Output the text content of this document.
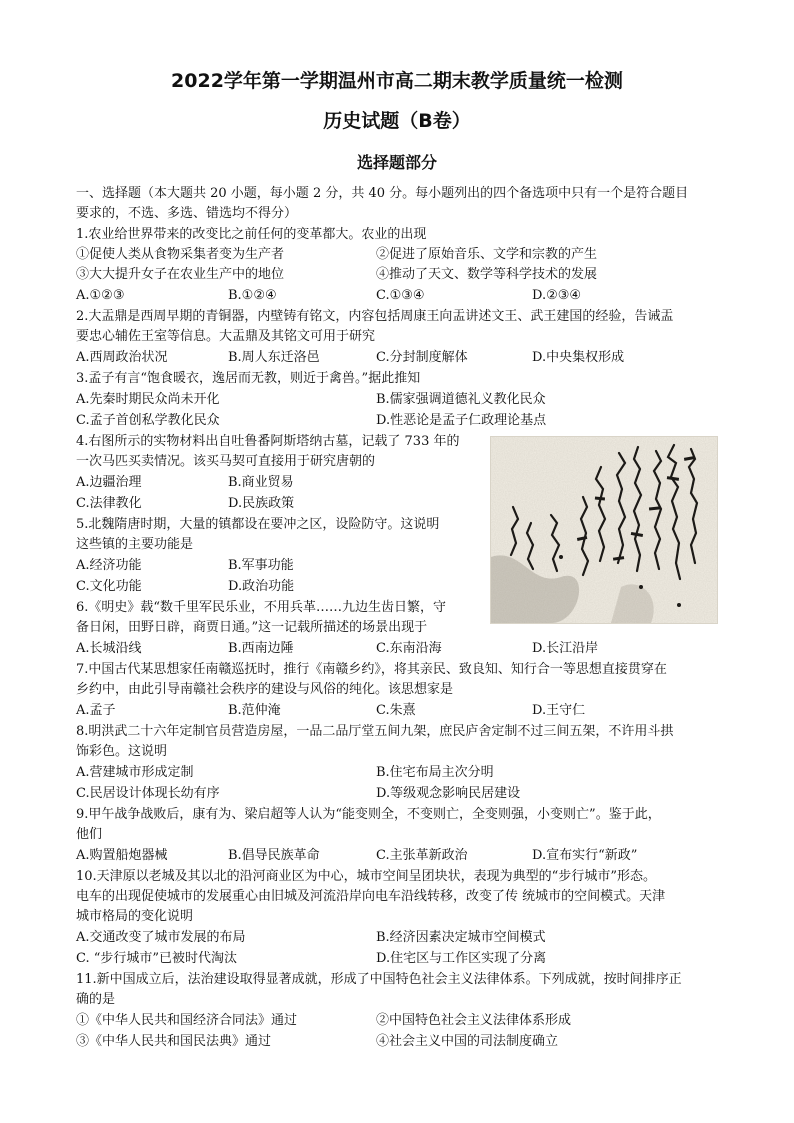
2022学年第一学期温州市高二期末教学质量统一检测
历史试题（B卷）
选择题部分
一、选择题（本大题共 20 小题，每小题 2 分，共 40 分。每小题列出的四个备选项中只有一个是符合题目
要求的，不选、多选、错选均不得分）
1.农业给世界带来的改变比之前任何的变革都大。农业的出现
①促使人类从食物采集者变为生产者	②促进了原始音乐、文学和宗教的产生
③大大提升女子在农业生产中的地位	④推动了天文、数学等科学技术的发展
A.①②③	B.①②④	C.①③④	D.②③④
2.大盂鼎是西周早期的青铜器，内壁铸有铭文，内容包括周康王向盂讲述文王、武王建国的经验，告诫盂
要忠心辅佐王室等信息。大盂鼎及其铭文可用于研究
A.西周政治状况	B.周人东迁洛邑	C.分封制度解体	D.中央集权形成
3.孟子有言“饱食暖衣，逸居而无教，则近于禽兽。”据此推知
A.先秦时期民众尚未开化	B.儒家强调道德礼义教化民众
C.孟子首创私学教化民众	D.性恶论是孟子仁政理论基点
4.右图所示的实物材料出自吐鲁番阿斯塔纳古墓，记载了 733 年的
一次马匹买卖情况。该买马契可直接用于研究唐朝的
A.边疆治理	B.商业贸易
C.法律教化	D.民族政策
5.北魏隋唐时期，大量的镇都设在要冲之区，设险防守。这说明
这些镇的主要功能是
A.经济功能	B.军事功能
C.文化功能	D.政治功能
6.《明史》载“数千里军民乐业，不用兵革……九边生齿日繁，守
备日闲，田野日辟，商贾日通。”这一记载所描述的场景出现于
A.长城沿线	B.西南边陲	C.东南沿海	D.长江沿岸
7.中国古代某思想家任南赣巡抚时，推行《南赣乡约》，将其亲民、致良知、知行合一等思想直接贯穿在
乡约中，由此引导南赣社会秩序的建设与风俗的纯化。该思想家是
A.孟子	B.范仲淹	C.朱熹	D.王守仁
8.明洪武二十六年定制官员营造房屋，一品二品厅堂五间九架，庶民庐舍定制不过三间五架，不许用斗拱
饰彩色。这说明
A.营建城市形成定制	B.住宅布局主次分明
C.民居设计体现长幼有序	D.等级观念影响民居建设
9.甲午战争战败后，康有为、梁启超等人认为“能变则全，不变则亡，全变则强，小变则亡”。鉴于此，
他们
A.购置船炮器械	B.倡导民族革命	C.主张革新政治	D.宣布实行“新政”
10.天津原以老城及其以北的沿河商业区为中心，城市空间呈团块状，表现为典型的“步行城市”形态。
电车的出现促使城市的发展重心由旧城及河流沿岸向电车沿线转移，改变了传 统城市的空间模式。天津
城市格局的变化说明
A.交通改变了城市发展的布局	B.经济因素决定城市空间模式
C. “步行城市”已被时代淘汰	D.住宅区与工作区实现了分离
11.新中国成立后，法治建设取得显著成就，形成了中国特色社会主义法律体系。下列成就，按时间排序正
确的是
①《中华人民共和国经济合同法》通过	②中国特色社会主义法律体系形成
③《中华人民共和国民法典》通过	④社会主义中国的司法制度确立
